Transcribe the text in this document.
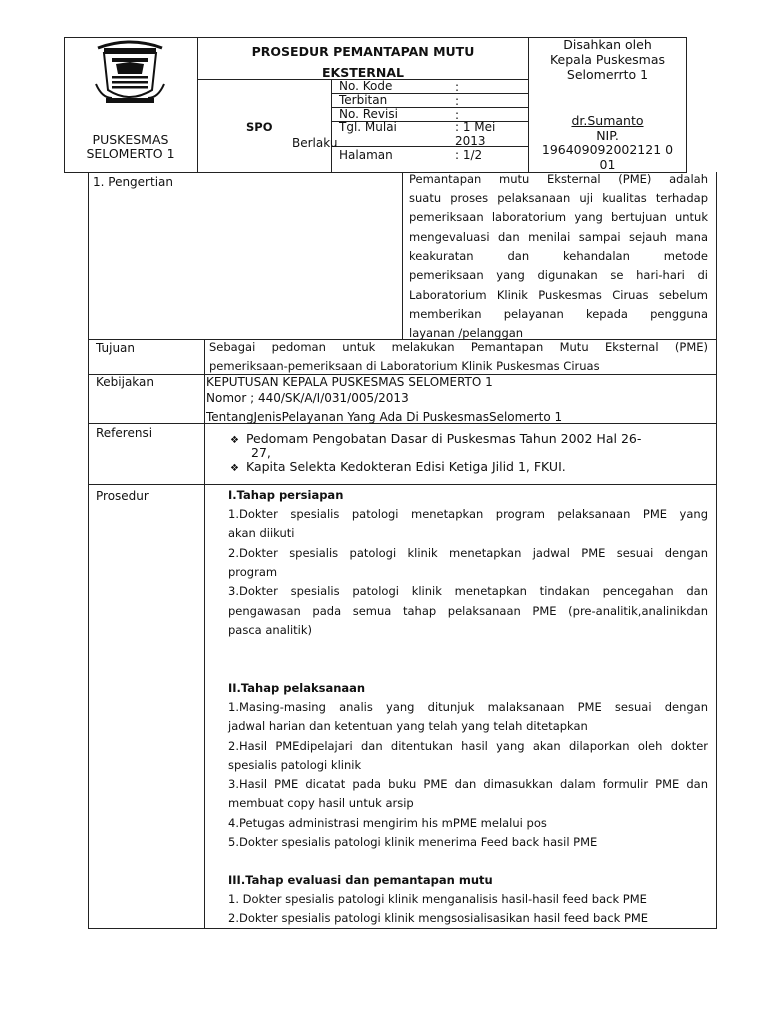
PUSKESMAS
SELOMERTO 1
PROSEDUR PEMANTAPAN MUTU
EKSTERNAL
SPO
Berlaku
No. Kode	:
Terbitan	:
No. Revisi	:
Tgl. Mulai	: 1 Mei
2013
Halaman	: 1/2
Disahkan oleh
Kepala Puskesmas
Selomerrto 1
dr.Sumanto
NIP.
196409092002121 0
01
1. Pengertian	Pemantapan mutu Eksternal (PME) adalah
suatu proses pelaksanaan uji kualitas terhadap
pemeriksaan laboratorium yang bertujuan untuk
mengevaluasi dan menilai sampai sejauh mana
keakuratan dan kehandalan metode
pemeriksaan yang digunakan se hari-hari di
Laboratorium Klinik Puskesmas Ciruas sebelum
memberikan pelayanan kepada pengguna
layanan /pelanggan
Tujuan	Sebagai pedoman untuk melakukan Pemantapan Mutu Eksternal (PME)
pemeriksaan-pemeriksaan di Laboratorium Klinik Puskesmas Ciruas
Kebijakan	KEPUTUSAN KEPALA PUSKESMAS SELOMERTO 1
Nomor ; 440/SK/A/I/031/005/2013
TentangJenisPelayanan Yang Ada Di PuskesmasSelomerto 1
Referensi
❖ Pedomam Pengobatan Dasar di Puskesmas Tahun 2002 Hal 26-
27,
❖ Kapita Selekta Kedokteran Edisi Ketiga Jilid 1, FKUI.
Prosedur	I.Tahap persiapan
1.Dokter spesialis patologi menetapkan program pelaksanaan PME yang
akan diikuti
2.Dokter spesialis patologi klinik menetapkan jadwal PME sesuai dengan
program
3.Dokter spesialis patologi klinik menetapkan tindakan pencegahan dan
pengawasan pada semua tahap pelaksanaan PME (pre-analitik,analinikdan
pasca analitik)
II.Tahap pelaksanaan
1.Masing-masing analis yang ditunjuk malaksanaan PME sesuai dengan
jadwal harian dan ketentuan yang telah yang telah ditetapkan
2.Hasil PMEdipelajari dan ditentukan hasil yang akan dilaporkan oleh dokter
spesialis patologi klinik
3.Hasil PME dicatat pada buku PME dan dimasukkan dalam formulir PME dan
membuat copy hasil untuk arsip
4.Petugas administrasi mengirim his mPME melalui pos
5.Dokter spesialis patologi klinik menerima Feed back hasil PME
III.Tahap evaluasi dan pemantapan mutu
1. Dokter spesialis patologi klinik menganalisis hasil-hasil feed back PME
2.Dokter spesialis patologi klinik mengsosialisasikan hasil feed back PME
